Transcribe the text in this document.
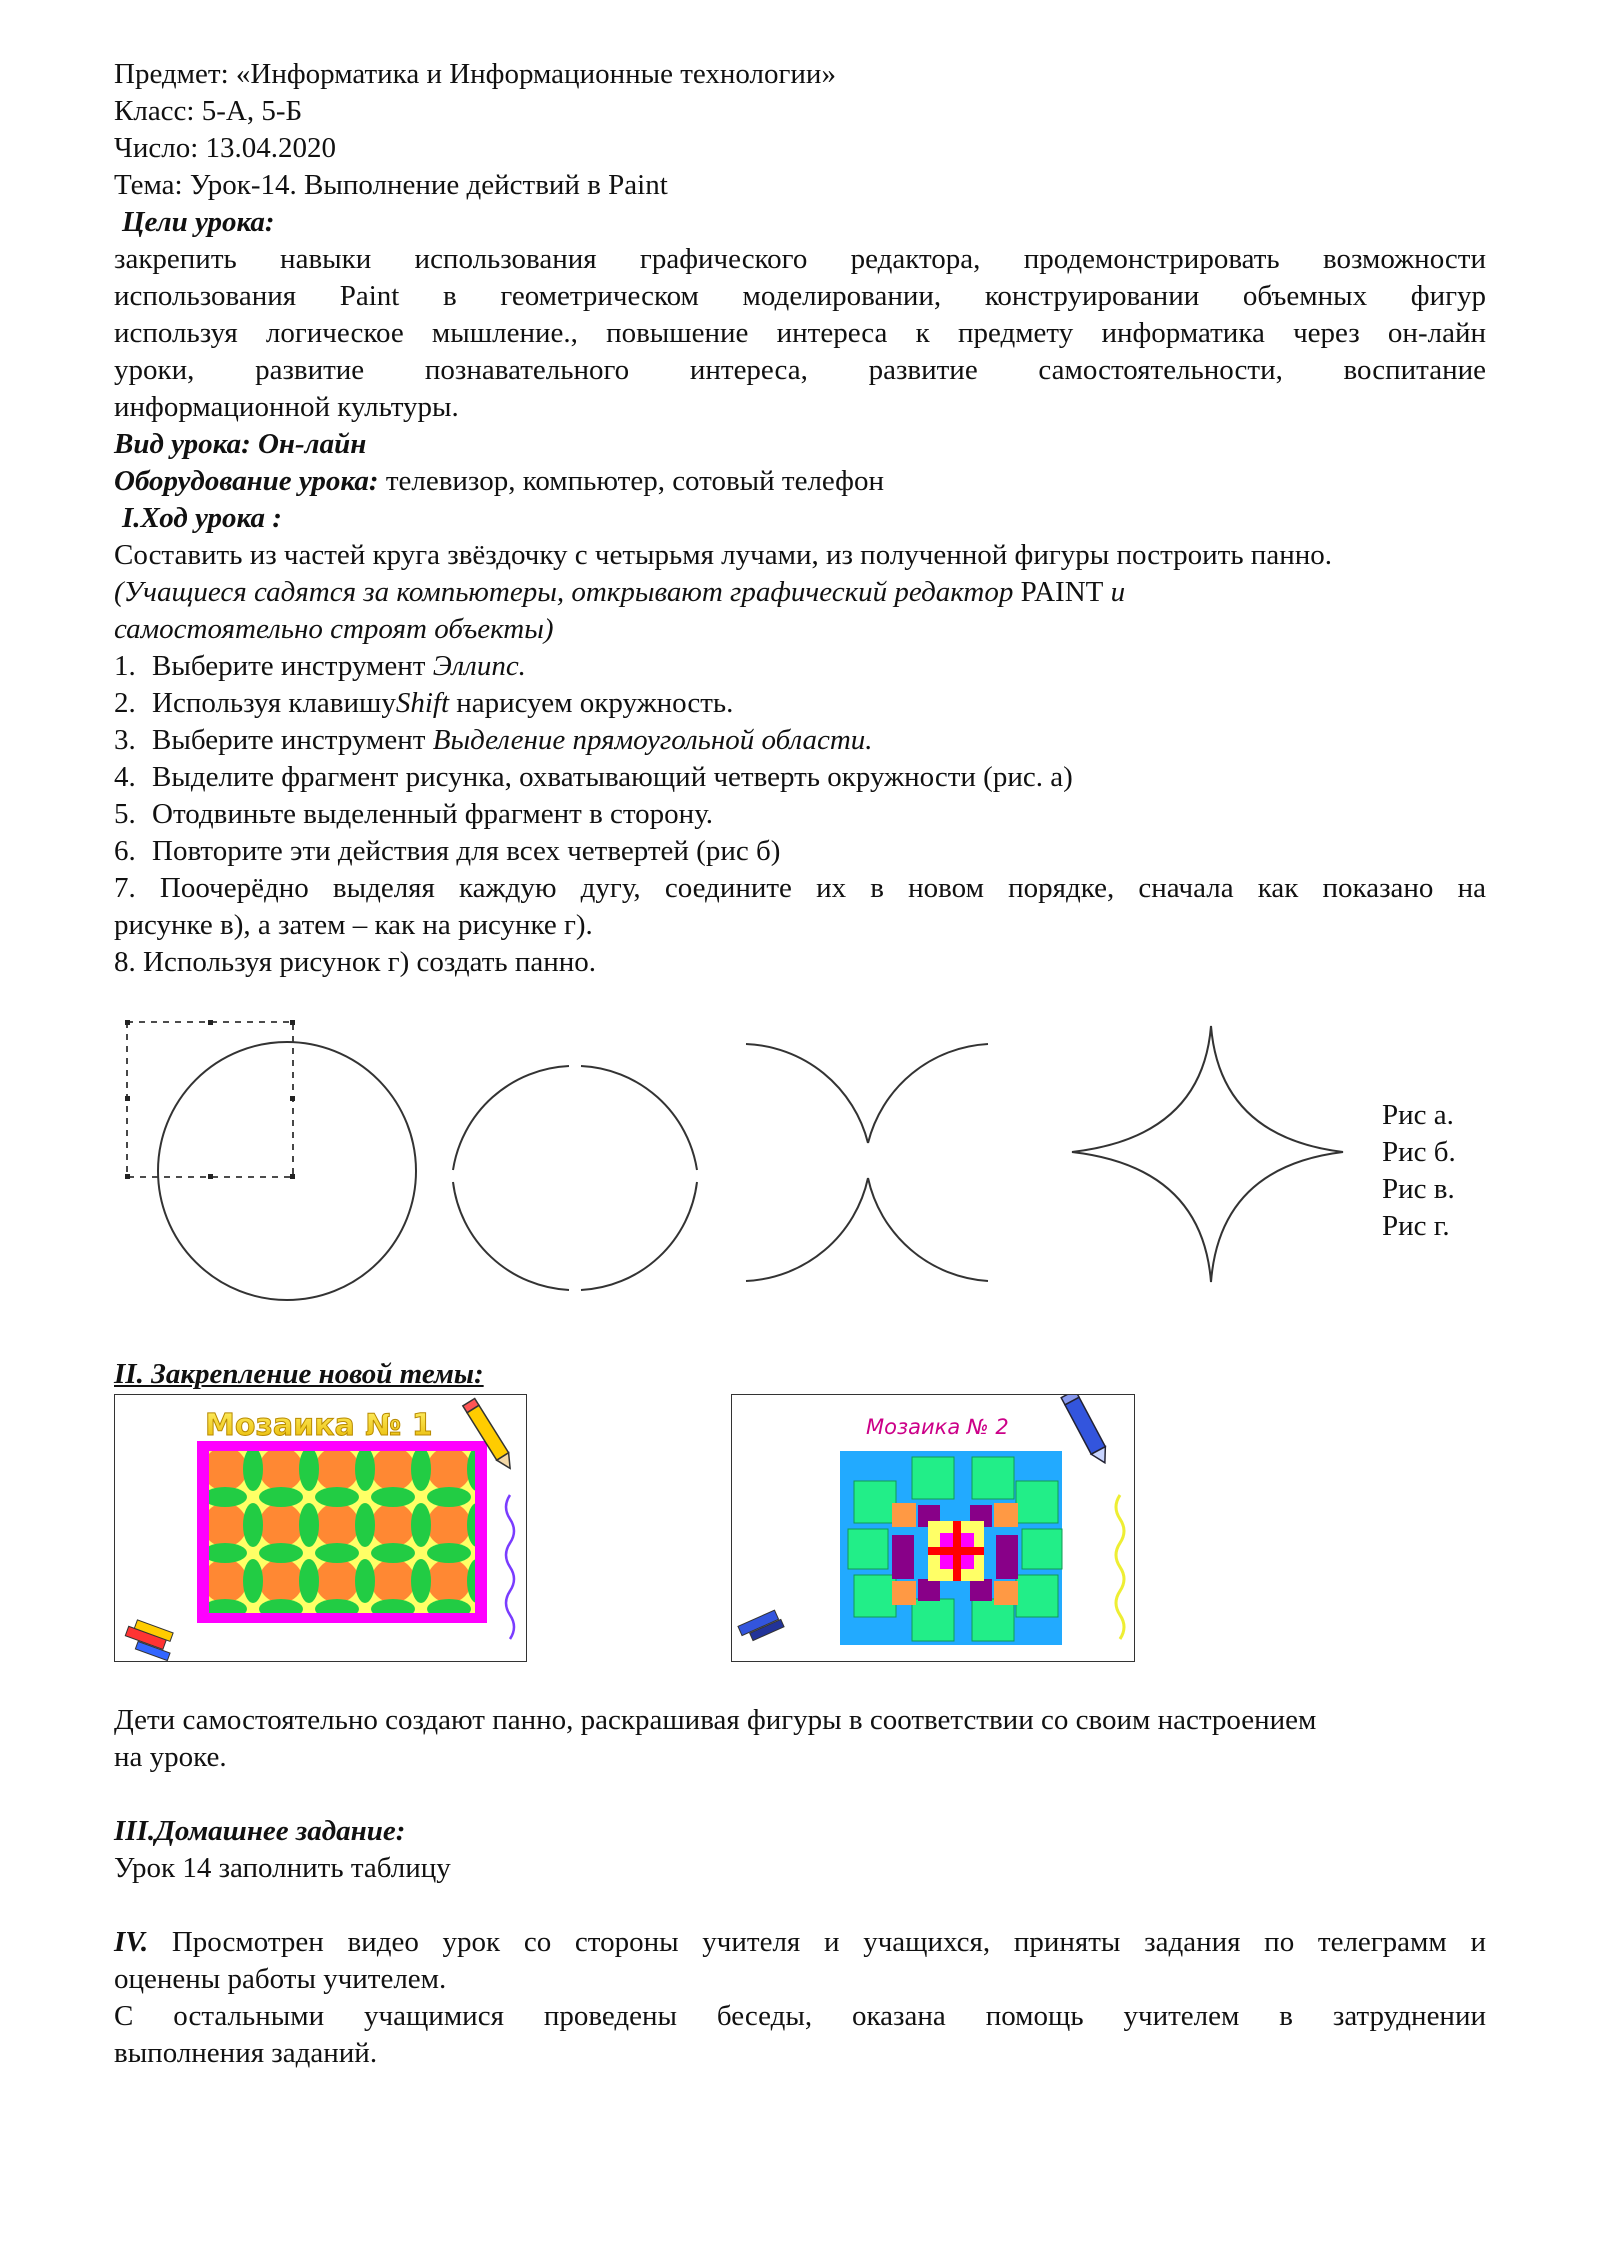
Предмет: «Информатика и Информационные технологии»
Класс: 5-А, 5-Б
Число: 13.04.2020
Тема: Урок-14. Выполнение действий в Paint
Цели урока:
закрепить навыки использования графического редактора, продемонстрировать возможности
использования Paint в геометрическом моделировании, конструировании объемных фигур
используя логическое мышление., повышение интереса к предмету информатика через он-лайн
уроки, развитие познавательного интереса, развитие самостоятельности, воспитание
информационной культуры.
Вид урока: Он-лайн
Оборудование урока: телевизор, компьютер, сотовый телефон
I.Ход урока :
Составить из частей круга звёздочку с четырьмя лучами, из полученной фигуры построить панно.
(Учащиеся садятся за компьютеры, открывают графический редактор PAINT и
самостоятельно строят объекты)
1. Выберите инструмент Эллипс.
2. Используя клавишуShift нарисуем окружность.
3. Выберите инструмент Выделение прямоугольной области.
4. Выделите фрагмент рисунка, охватывающий четверть окружности (рис. а)
5. Отодвиньте выделенный фрагмент в сторону.
6. Повторите эти действия для всех четвертей (рис б)
7. Поочерёдно выделяя каждую дугу, соедините их в новом порядке, сначала как показано на
рисунке в), а затем – как на рисунке г).
8. Используя рисунок г) создать панно.
Рис а.
Рис б.
Рис в.
Рис г.
II. Закрепление новой темы:
Мозаика № 1	Мозаика № 2
Дети самостоятельно создают панно, раскрашивая фигуры в соответствии со своим настроением
на уроке.
III.Домашнее задание:
Урок 14 заполнить таблицу
IV. Просмотрен видео урок со стороны учителя и учащихся, приняты задания по телеграмм и
оценены работы учителем.
С остальными учащимися проведены беседы, оказана помощь учителем в затруднении
выполнения заданий.
